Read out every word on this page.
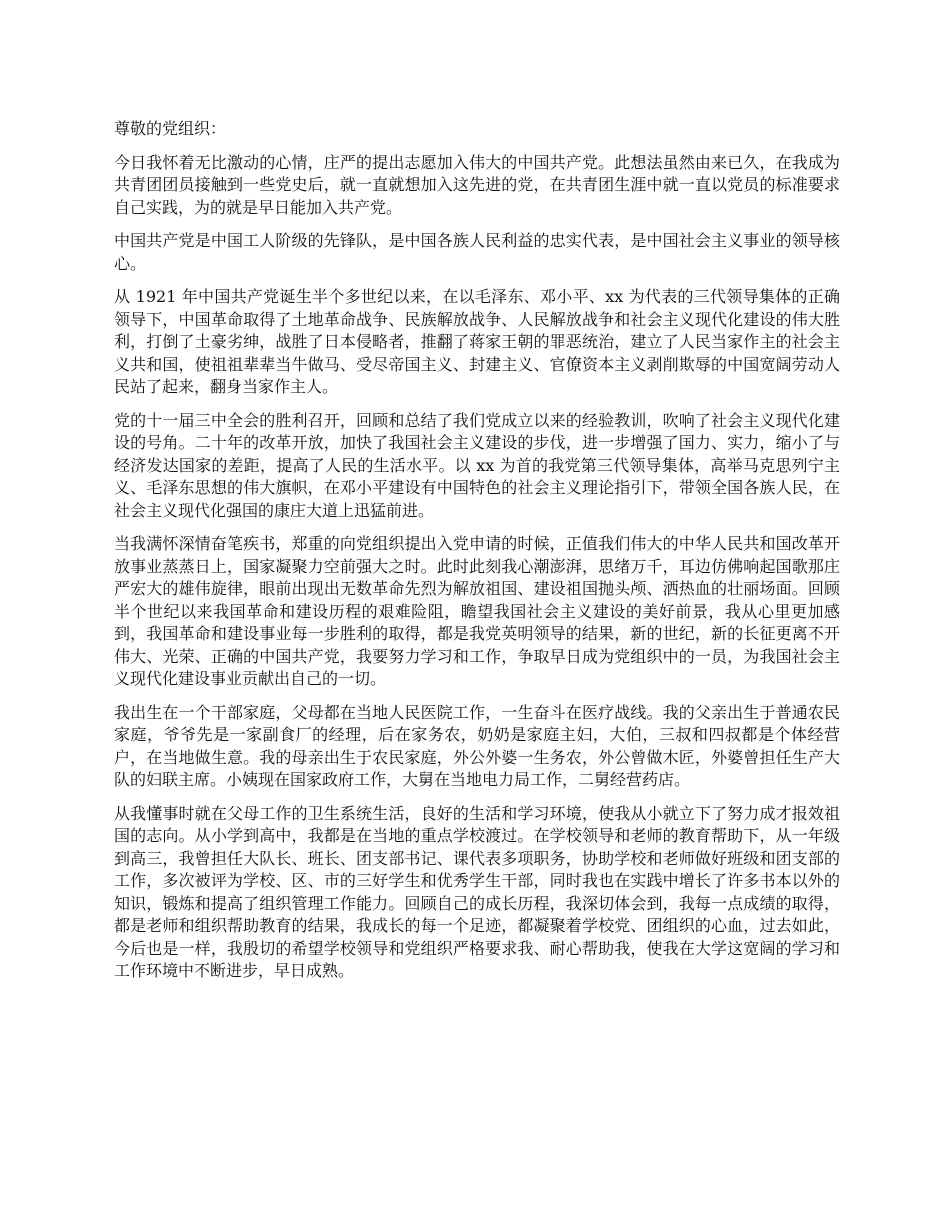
尊敬的党组织：

今日我怀着无比激动的心情，庄严的提出志愿加入伟大的中国共产党。此想法虽然由来已久，在我成为共青团团员接触到一些党史后，就一直就想加入这先进的党，在共青团生涯中就一直以党员的标准要求自己实践，为的就是早日能加入共产党。

中国共产党是中国工人阶级的先锋队，是中国各族人民利益的忠实代表，是中国社会主义事业的领导核心。

从 1921 年中国共产党诞生半个多世纪以来，在以毛泽东、邓小平、xx 为代表的三代领导集体的正确领导下，中国革命取得了土地革命战争、民族解放战争、人民解放战争和社会主义现代化建设的伟大胜利，打倒了土豪劣绅，战胜了日本侵略者，推翻了蒋家王朝的罪恶统治，建立了人民当家作主的社会主义共和国，使祖祖辈辈当牛做马、受尽帝国主义、封建主义、官僚资本主义剥削欺辱的中国宽阔劳动人民站了起来，翻身当家作主人。

党的十一届三中全会的胜利召开，回顾和总结了我们党成立以来的经验教训，吹响了社会主义现代化建设的号角。二十年的改革开放，加快了我国社会主义建设的步伐，进一步增强了国力、实力，缩小了与经济发达国家的差距，提高了人民的生活水平。以 xx 为首的我党第三代领导集体，高举马克思列宁主义、毛泽东思想的伟大旗帜，在邓小平建设有中国特色的社会主义理论指引下，带领全国各族人民，在社会主义现代化强国的康庄大道上迅猛前进。

当我满怀深情奋笔疾书，郑重的向党组织提出入党申请的时候，正值我们伟大的中华人民共和国改革开放事业蒸蒸日上，国家凝聚力空前强大之时。此时此刻我心潮澎湃，思绪万千，耳边仿佛响起国歌那庄严宏大的雄伟旋律，眼前出现出无数革命先烈为解放祖国、建设祖国抛头颅、洒热血的壮丽场面。回顾半个世纪以来我国革命和建设历程的艰难险阻，瞻望我国社会主义建设的美好前景，我从心里更加感到，我国革命和建设事业每一步胜利的取得，都是我党英明领导的结果，新的世纪，新的长征更离不开伟大、光荣、正确的中国共产党，我要努力学习和工作，争取早日成为党组织中的一员，为我国社会主义现代化建设事业贡献出自己的一切。

我出生在一个干部家庭，父母都在当地人民医院工作，一生奋斗在医疗战线。我的父亲出生于普通农民家庭，爷爷先是一家副食厂的经理，后在家务农，奶奶是家庭主妇，大伯，三叔和四叔都是个体经营户，在当地做生意。我的母亲出生于农民家庭，外公外婆一生务农，外公曾做木匠，外婆曾担任生产大队的妇联主席。小姨现在国家政府工作，大舅在当地电力局工作，二舅经营药店。

从我懂事时就在父母工作的卫生系统生活，良好的生活和学习环境，使我从小就立下了努力成才报效祖国的志向。从小学到高中，我都是在当地的重点学校渡过。在学校领导和老师的教育帮助下，从一年级到高三，我曾担任大队长、班长、团支部书记、课代表多项职务，协助学校和老师做好班级和团支部的工作，多次被评为学校、区、市的三好学生和优秀学生干部，同时我也在实践中增长了许多书本以外的知识，锻炼和提高了组织管理工作能力。回顾自己的成长历程，我深切体会到，我每一点成绩的取得，都是老师和组织帮助教育的结果，我成长的每一个足迹，都凝聚着学校党、团组织的心血，过去如此，今后也是一样，我殷切的希望学校领导和党组织严格要求我、耐心帮助我，使我在大学这宽阔的学习和工作环境中不断进步，早日成熟。
